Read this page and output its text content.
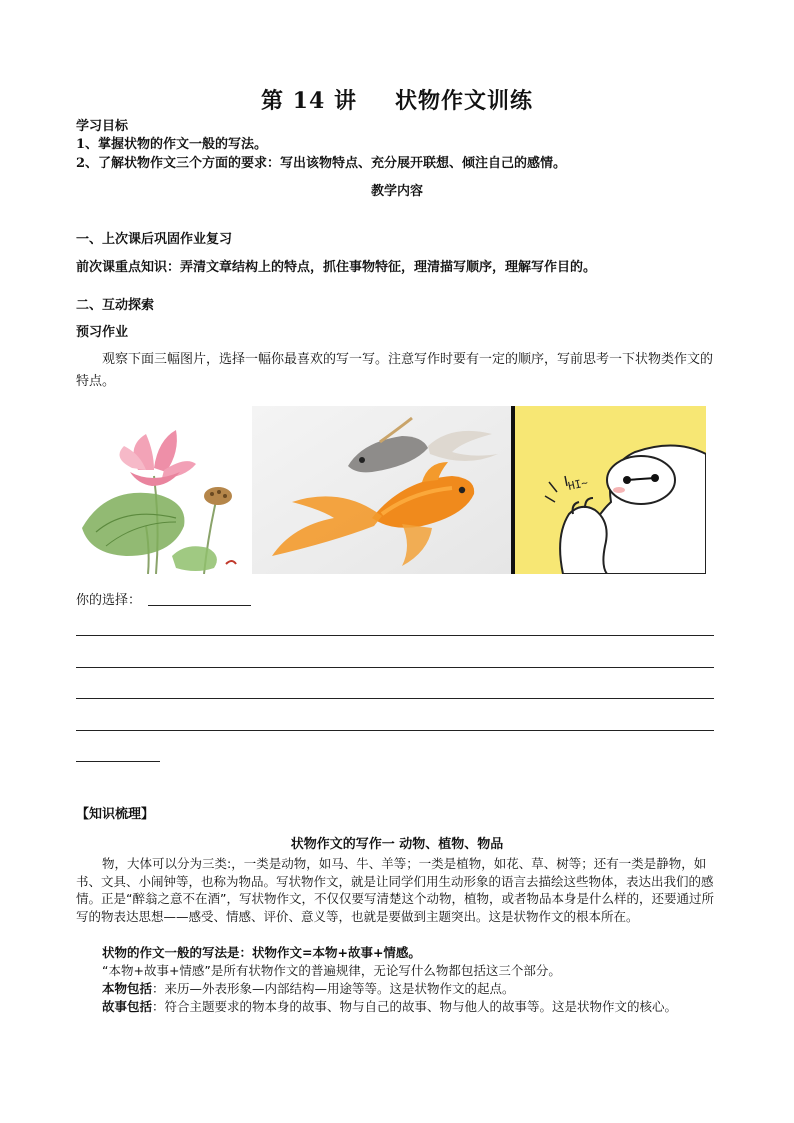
第 14 讲 状物作文训练
学习目标
1、掌握状物的作文一般的写法。
2、了解状物作文三个方面的要求：写出该物特点、充分展开联想、倾注自己的感情。
教学内容
一、上次课后巩固作业复习
前次课重点知识：弄清文章结构上的特点，抓住事物特征，理清描写顺序，理解写作目的。
二、互动探索
预习作业
观察下面三幅图片，选择一幅你最喜欢的写一写。注意写作时要有一定的顺序，写前思考一下状物类作文的特点。
HI~
你的选择：
【知识梳理】
状物作文的写作一 动物、植物、物品
物，大体可以分为三类:，一类是动物，如马、牛、羊等；一类是植物，如花、草、树等；还有一类是静物，如书、文具、小闹钟等，也称为物品。写状物作文，就是让同学们用生动形象的语言去描绘这些物体，表达出我们的感情。正是“醉翁之意不在酒”，写状物作文，不仅仅要写清楚这个动物，植物，或者物品本身是什么样的，还要通过所写的物表达思想——感受、情感、评价、意义等，也就是要做到主题突出。这是状物作文的根本所在。
状物的作文一般的写法是：状物作文=本物+故事+情感。
“本物+故事+情感”是所有状物作文的普遍规律，无论写什么物都包括这三个部分。
本物包括：来历—外表形象—内部结构—用途等等。这是状物作文的起点。
故事包括：符合主题要求的物本身的故事、物与自己的故事、物与他人的故事等。这是状物作文的核心。
